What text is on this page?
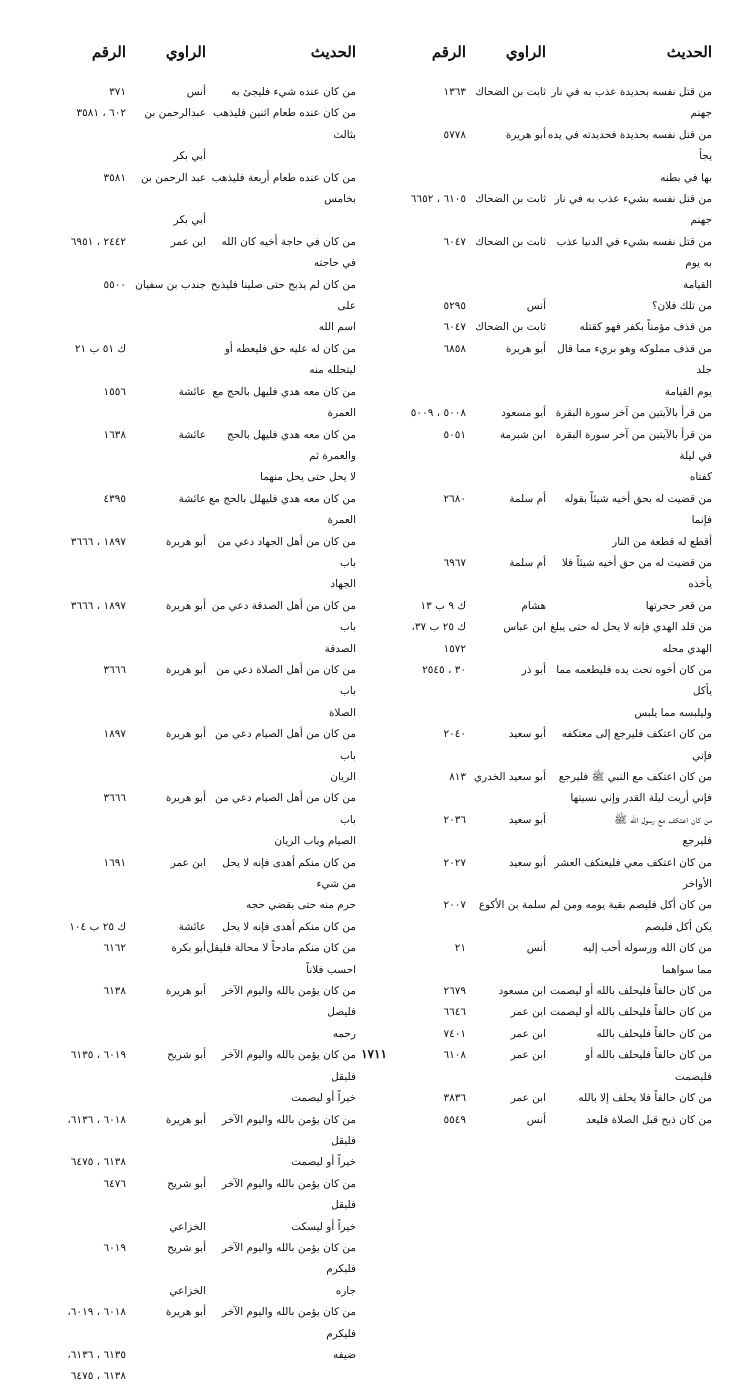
الحديث
الراوي
الرقم
من قتل نفسه بحديدة عذب به في نار
ثابت بن الضحاك
١٣٦٣
جهنم
من قتل نفسه بحديدة فحديدته في يده يجأ
أبو هريرة
٥٧٧٨
بها في بطنه
من قتل نفسه بشيء عذب به في نار
ثابت بن الضحاك
٦١٠٥ ، ٦٦٥٢
جهنم
من قتل نفسه بشيء في الدنيا عذب به يوم
ثابت بن الضحاك
٦٠٤٧
القيامة
من تلك فلان؟
أنس
٥٢٩٥
من قذف مؤمناً بكفر فهو كقتله
ثابت بن الضحاك
٦٠٤٧
من قذف مملوكه وهو بريء مما قال جلد
أبو هريرة
٦٨٥٨
يوم القيامة
من قرأ بالآيتين من آخر سورة البقرة
أبو مسعود
٥٠٠٨ ، ٥٠٠٩
من قرأ بالآيتين من آخر سورة البقرة في ليلة
ابن شبرمة
٥٠٥١
كفتاه
من قضيت له بحق أخيه شيئاً بقوله فإنما
أم سلمة
٢٦٨٠
أقطع له قطعة من النار
من قضيت له من حق أخيه شيئاً فلا
أم سلمة
٦٩٦٧
يأخذه
من قعر حجرتها
هشام
ك ٩ ب ١٣
من قلد الهدي فإنه لا يحل له حتى يبلغ
ابن عباس
ك ٢٥ ب ٣٧،
الهدي محله
١٥٧٢
من كان أخوه تحت يده فليطعمه مما يأكل
أبو ذر
٣٠ ، ٢٥٤٥
وليلبسه مما يلبس
من كان اعتكف فليرجع إلى معتكفه
أبو سعيد
٢٠٤٠
فإني
من كان اعتكف مع النبي ﷺ فليرجع
أبو سعيد الخدري
٨١٣
فإني أريت ليلة القدر وإني نسيتها
من كان اعتكف مع رسول الله ﷺ
أبو سعيد
٢٠٣٦
فليرجع
من كان اعتكف معي فليعتكف العشر
أبو سعيد
٢٠٢٧
الأواخر
من كان أكل فليصم بقية يومه ومن لم
سلمة بن الأكوع
٢٠٠٧
يكن أكل فليصم
من كان الله ورسوله أحب إليه
أنس
٢١
مما سواهما
من كان حالفاً فليحلف بالله أو ليصمت
ابن مسعود
٢٦٧٩
من كان حالفاً فليحلف بالله أو ليصمت
ابن عمر
٦٦٤٦
من كان حالفاً فليحلف بالله
ابن عمر
٧٤٠١
من كان حالفاً فليحلف بالله أو
ابن عمر
٦١٠٨
فليصمت
من كان حالفاً فلا يحلف إلا بالله
ابن عمر
٣٨٣٦
من كان ذبح قبل الصلاة فليعد
أنس
٥٥٤٩
الحديث
الراوي
الرقم
من كان عنده شيء فليجئ به
أنس
٣٧١
من كان عنده طعام اثنين فليذهب بثالث
عبدالرحمن بن
٦٠٢ ، ٣٥٨١
أبي بكر
من كان عنده طعام أربعة فليذهب بخامس
عبد الرحمن بن
٣٥٨١
أبي بكر
من كان في حاجة أخيه كان الله في حاجته
ابن عمر
٢٤٤٢ ، ٦٩٥١
من كان لم يذبح حتى صلينا فليذبح على
جندب بن سفيان
٥٥٠٠
اسم الله
من كان له عليه حق فليعطه أو ليتحلله منه
ك ٥١ ب ٢١
من كان معه هدي فليهل بالحج مع
عائشة
١٥٥٦
العمرة
من كان معه هدي فليهل بالحج والعمرة ثم
عائشة
١٦٣٨
لا يحل حتى يحل منهما
من كان معه هدي فليهلل بالحج مع
عائشة
٤٣٩٥
العمرة
من كان من أهل الجهاد دعي من باب
أبو هريرة
١٨٩٧ ، ٣٦٦٦
الجهاد
من كان من أهل الصدقة دعي من باب
أبو هريرة
١٨٩٧ ، ٣٦٦٦
الصدقة
من كان من أهل الصلاة دعي من باب
أبو هريرة
٣٦٦٦
الصلاة
من كان من أهل الصيام دعي من باب
أبو هريرة
١٨٩٧
الريان
من كان من أهل الصيام دعي من باب
أبو هريرة
٣٦٦٦
الصيام وباب الريان
من كان منكم أهدى فإنه لا يحل من شيء
ابن عمر
١٦٩١
حرم منه حتى يقضي حجه
من كان منكم أهدى فإنه لا يحل
عائشة
ك ٢٥ ب ١٠٤
من كان منكم مادحاً لا محالة فليقل
أبو بكرة
٦١٦٢
احسب فلاناً
من كان يؤمن بالله واليوم الآخر فليصل
أبو هريرة
٦١٣٨
رحمه
من كان يؤمن بالله واليوم الآخر فليقل
أبو شريح
٦٠١٩ ، ٦١٣٥
خيراً أو ليصمت
من كان يؤمن بالله واليوم الآخر فليقل
أبو هريرة
٦٠١٨ ، ٦١٣٦،
خيراً أو ليصمت
٦١٣٨ ، ٦٤٧٥
من كان يؤمن بالله واليوم الآخر فليقل
أبو شريح
٦٤٧٦
خيراً أو ليسكت
الخزاعي
من كان يؤمن بالله واليوم الآخر فليكرم
أبو شريح
٦٠١٩
جاره
الخزاعي
من كان يؤمن بالله واليوم الآخر فليكرم
أبو هريرة
٦٠١٨ ، ٦٠١٩،
ضيفه
٦١٣٥ ، ٦١٣٦،
٦١٣٨ ، ٦٤٧٥
١٧١١
